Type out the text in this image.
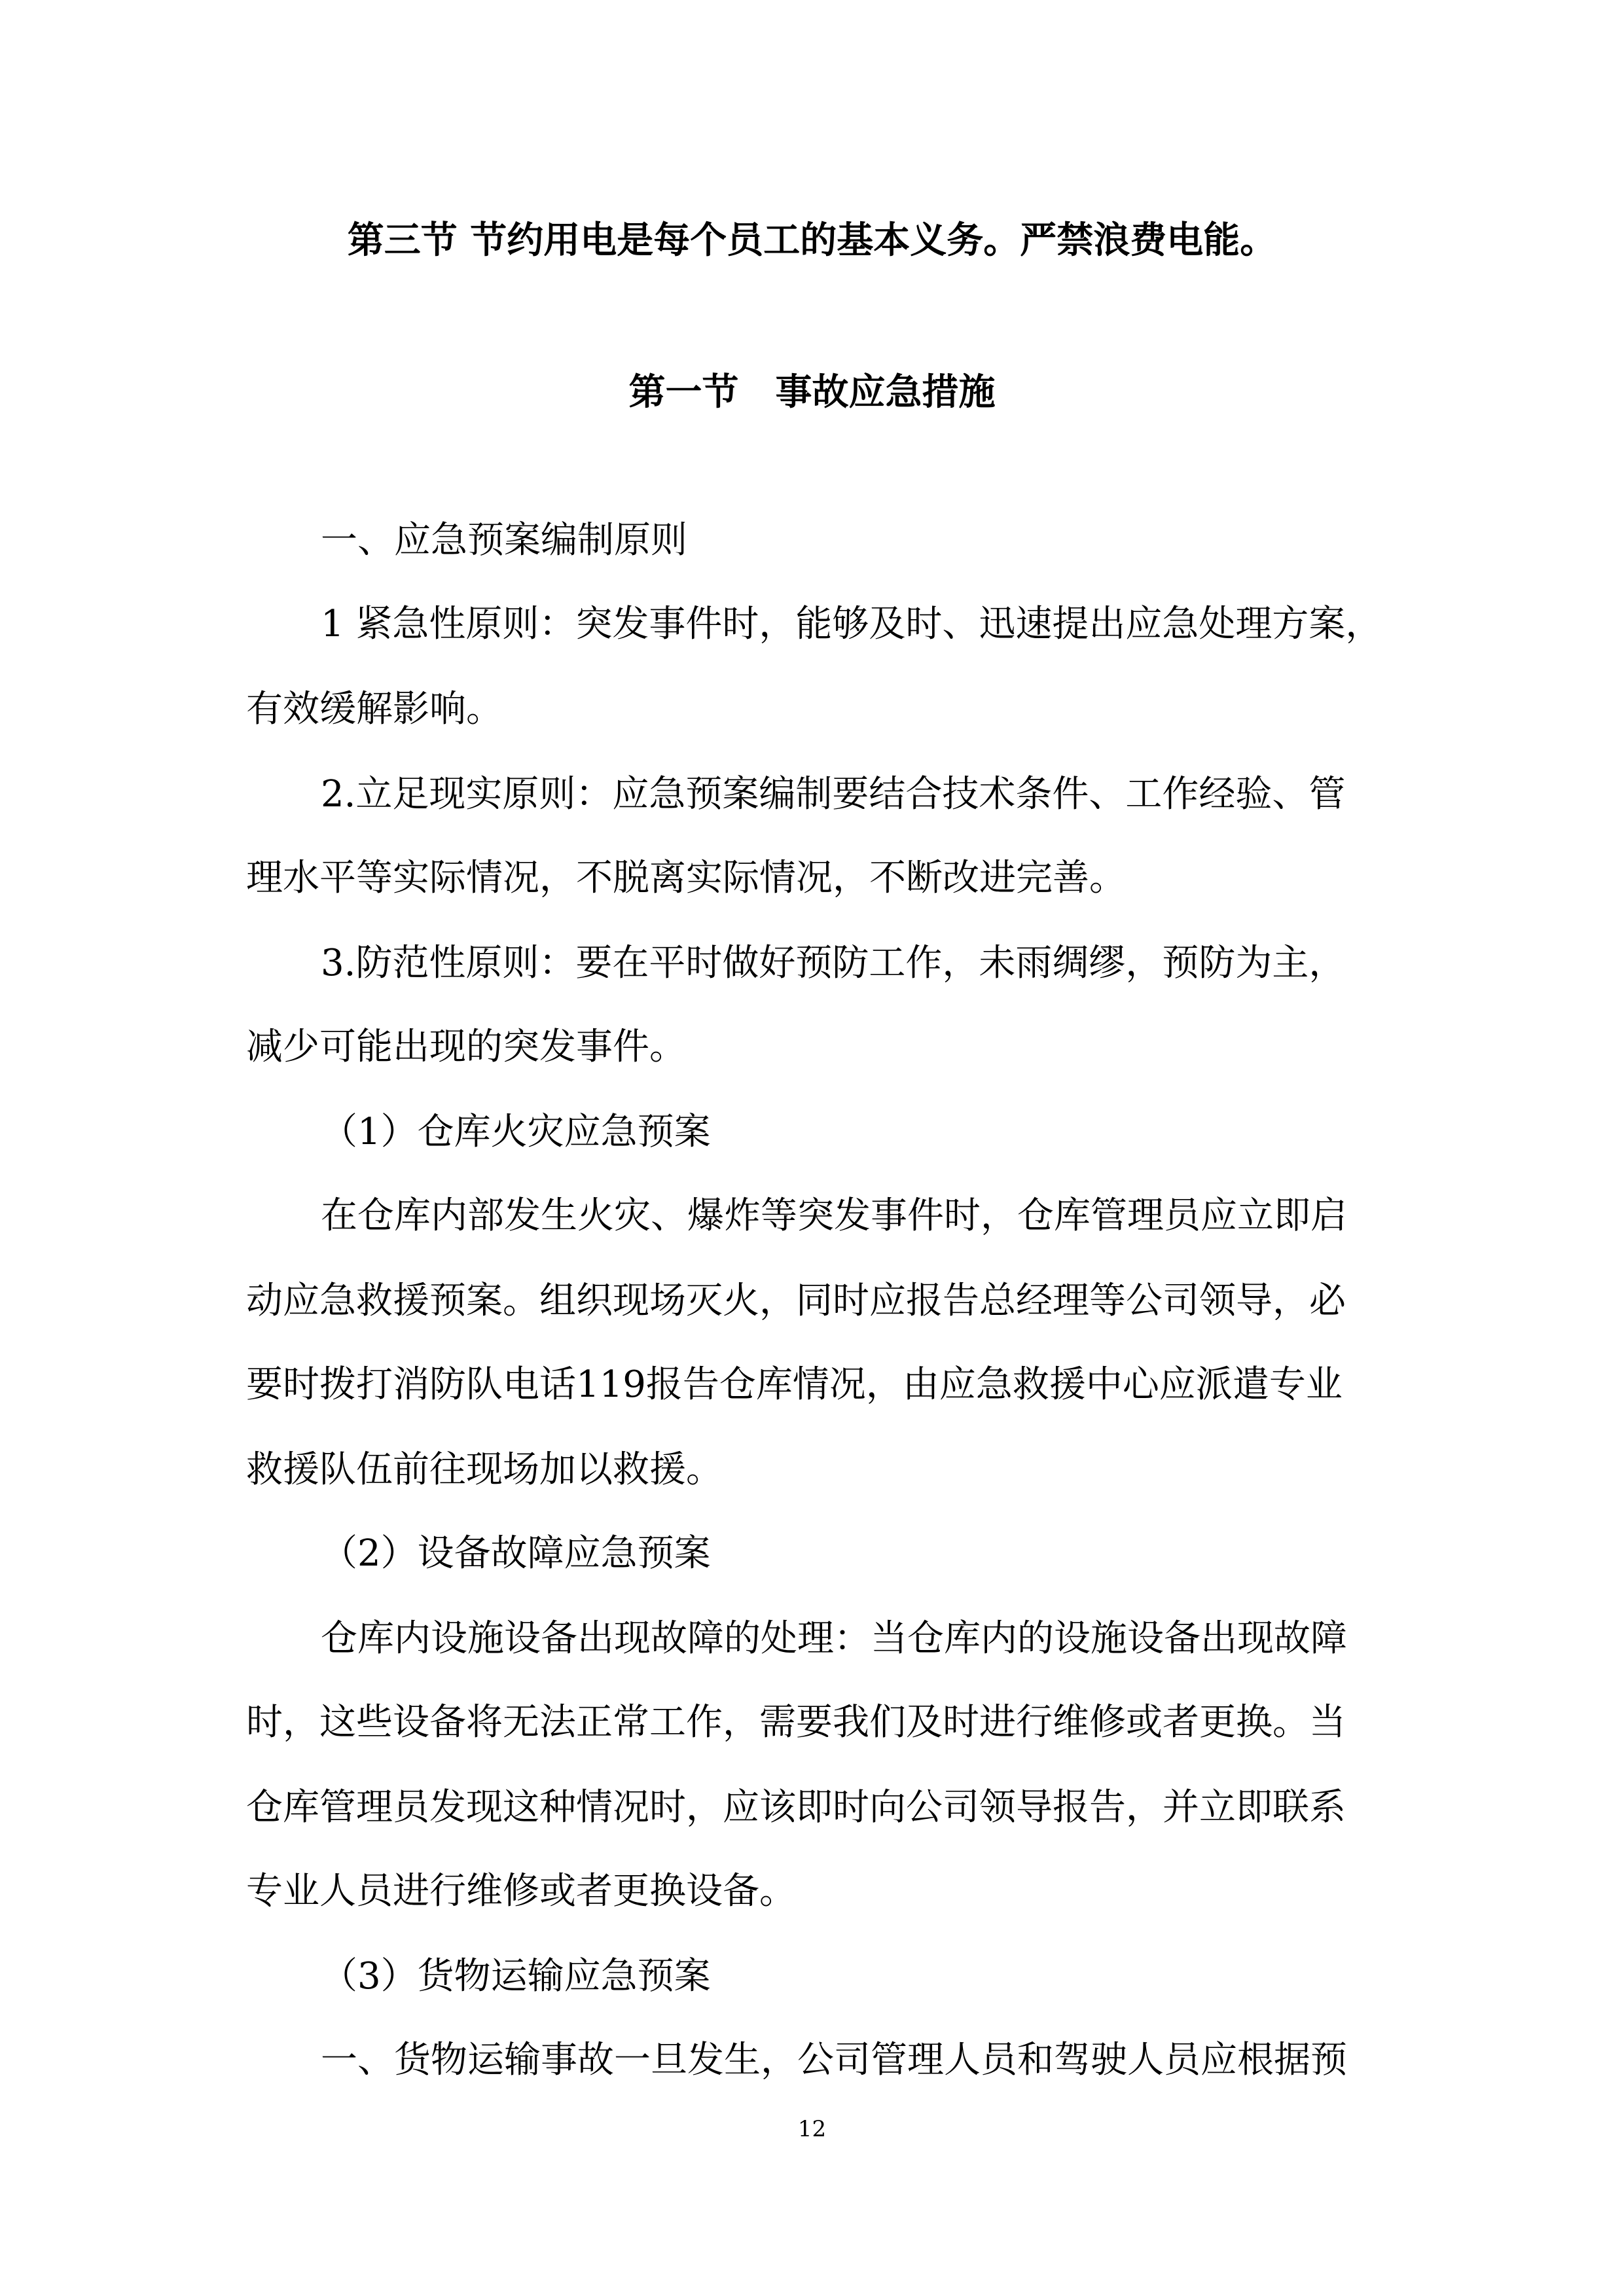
第三节 节约用电是每个员工的基本义务。严禁浪费电能。
第一节　事故应急措施
一、应急预案编制原则
1 紧急性原则：突发事件时，能够及时、迅速提出应急处理方案，
有效缓解影响。
2.立足现实原则：应急预案编制要结合技术条件、工作经验、管
理水平等实际情况，不脱离实际情况，不断改进完善。
3.防范性原则：要在平时做好预防工作，未雨绸缪，预防为主，
减少可能出现的突发事件。
（1）仓库火灾应急预案
在仓库内部发生火灾、爆炸等突发事件时，仓库管理员应立即启
动应急救援预案。组织现场灭火，同时应报告总经理等公司领导，必
要时拨打消防队电话119报告仓库情况，由应急救援中心应派遣专业
救援队伍前往现场加以救援。
（2）设备故障应急预案
仓库内设施设备出现故障的处理：当仓库内的设施设备出现故障
时，这些设备将无法正常工作，需要我们及时进行维修或者更换。当
仓库管理员发现这种情况时，应该即时向公司领导报告，并立即联系
专业人员进行维修或者更换设备。
（3）货物运输应急预案
一、货物运输事故一旦发生，公司管理人员和驾驶人员应根据预
12
